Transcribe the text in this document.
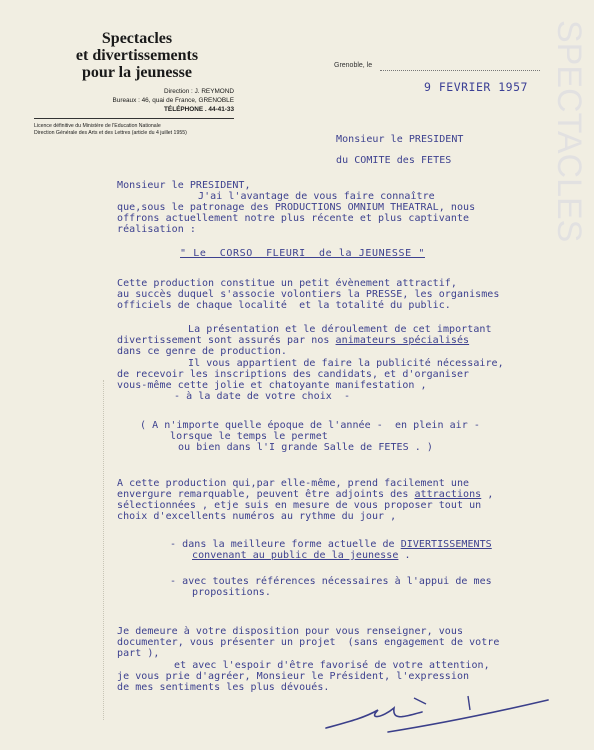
SPECTACLES
Spectacles
et divertissements
pour la jeunesse
Direction : J. REYMOND
Bureaux : 46, quai de France, GRENOBLE
TÉLÉPHONE . 44-41-33
Licence définitive du Ministère de l'Education Nationale
Direction Générale des Arts et des Lettres (article du 4 juillet 1955)
Grenoble, le
9 FEVRIER 1957
Monsieur le PRESIDENT
du COMITE des FETES
" Le  CORSO  FLEURI  de la JEUNESSE "
Monsieur le PRESIDENT,
J'ai l'avantage de vous faire connaître
que,sous le patronage des PRODUCTIONS OMNIUM THEATRAL, nous
offrons actuellement notre plus récente et plus captivante
réalisation :
Cette production constitue un petit évènement attractif,
au succès duquel s'associe volontiers la PRESSE, les organismes
officiels de chaque localité  et la totalité du public.
La présentation et le déroulement de cet important
divertissement sont assurés par nos animateurs spécialisés
dans ce genre de production.
Il vous appartient de faire la publicité nécessaire,
de recevoir les inscriptions des candidats, et d'organiser
vous-même cette jolie et chatoyante manifestation ,
- à la date de votre choix  -
( A n'importe quelle époque de l'année -  en plein air -
lorsque le temps le permet
ou bien dans l'I grande Salle de FETES . )
A cette production qui,par elle-même, prend facilement une
envergure remarquable, peuvent être adjoints des attractions ,
sélectionnées , etje suis en mesure de vous proposer tout un
choix d'excellents numéros au rythme du jour ,
- dans la meilleure forme actuelle de DIVERTISSEMENTS
convenant au public de la jeunesse .
- avec toutes références nécessaires à l'appui de mes
propositions.
Je demeure à votre disposition pour vous renseigner, vous
documenter, vous présenter un projet  (sans engagement de votre
part ),
et avec l'espoir d'être favorisé de votre attention,
je vous prie d'agréer, Monsieur le Président, l'expression
de mes sentiments les plus dévoués.
